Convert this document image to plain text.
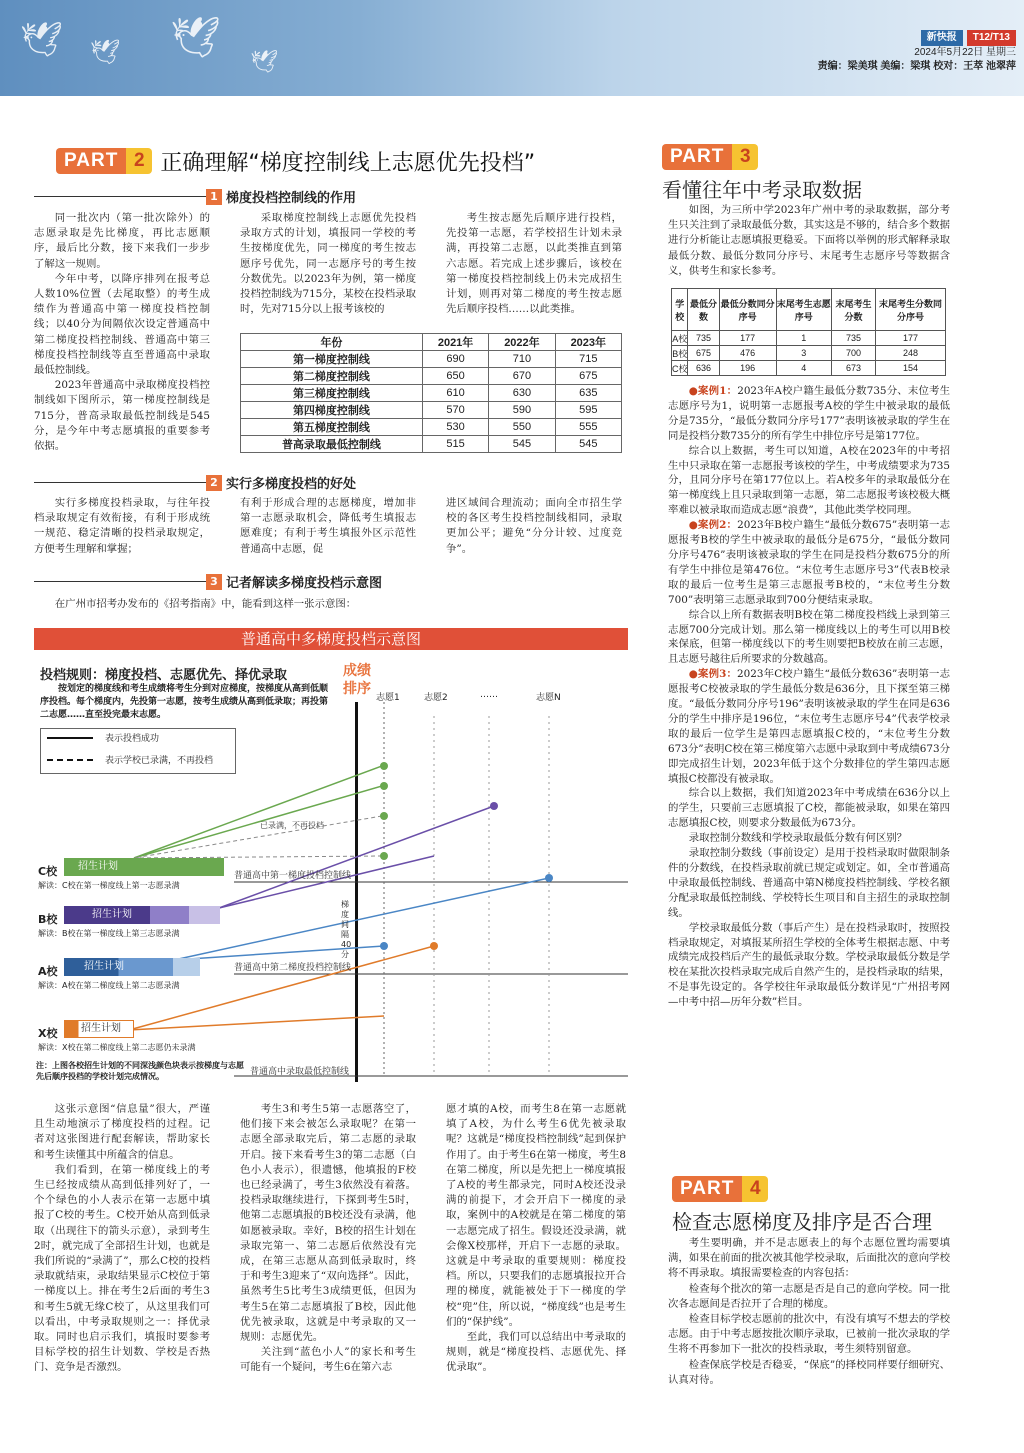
🕊 🕊 🕊
🕊
新快报 T12/T13
2024年5月22日 星期三
责编：梁美琪 美编：梁琪 校对：王萃 池翠萍
PART 2 正确理解“梯度控制线上志愿优先投档”
1 梯度投档控制线的作用

同一批次内（第一批次除外）的志愿录取是先比梯度，再比志愿顺序，最后比分数，接下来我们一步步了解这一规则。

今年中考，以降序排列在报考总人数10%位置（去尾取整）的考生成绩作为普通高中第一梯度投档控制线；以40分为间隔依次设定普通高中第二梯度投档控制线、普通高中第三梯度投档控制线等直至普通高中录取最低控制线。

2023年普通高中录取梯度投档控制线如下图所示，第一梯度控制线是715分，普高录取最低控制线是545分，是今年中考志愿填报的重要参考依据。

采取梯度控制线上志愿优先投档录取方式的计划，填报同一学校的考生按梯度优先，同一梯度的考生按志愿序号优先，同一志愿序号的考生按分数优先。以2023年为例，第一梯度投档控制线为715分，某校在投档录取时，先对715分以上报考该校的

考生按志愿先后顺序进行投档，先投第一志愿，若学校招生计划未录满，再投第二志愿，以此类推直到第六志愿。若完成上述步骤后，该校在第一梯度投档控制线上仍未完成招生计划，则再对第二梯度的考生按志愿先后顺序投档……以此类推。

年份	2021年	2022年	2023年
第一梯度控制线	690	710	715
第二梯度控制线	650	670	675
第三梯度控制线	610	630	635
第四梯度控制线	570	590	595
第五梯度控制线	530	550	555
普高录取最低控制线	515	545	545
2 实行多梯度投档的好处

实行多梯度投档录取，与往年投档录取规定有效衔接，有利于形成统一规范、稳定清晰的投档录取规定，方便考生理解和掌握；

有利于形成合理的志愿梯度，增加非第一志愿录取机会，降低考生填报志愿难度；有利于考生填报外区示范性普通高中志愿，促

进区域间合理流动；面向全市招生学校的各区考生投档控制线相同，录取更加公平；避免“分分计较、过度竞争”。

3 记者解读多梯度投档示意图

在广州市招考办发布的《招考指南》中，能看到这样一张示意图：

普通高中多梯度投档示意图
投档规则：梯度投档、志愿优先、择优录取
按划定的梯度线和考生成绩将考生分到对应梯度，按梯度从高到低顺序投档。每个梯度内，先投第一志愿，按考生成绩从高到低录取；再投第二志愿……直至投完最末志愿。
表示投档成功
表示学校已录满，不再投档
成绩排序
志愿1	志愿2	……	志愿N
普通高中第一梯度投档控制线
普通高中第二梯度投档控制线
普通高中录取最低控制线
已录满，不再投档
梯度间隔40分
C校	招生计划
解读：C校在第一梯度线上第一志愿录满
B校	招生计划
解读：B校在第一梯度线上第三志愿录满
A校	招生计划
解读：A校在第二梯度线上第二志愿录满
X校	招生计划
解读：X校在第二梯度线上第二志愿仍未录满
注：上图各校招生计划的不同深浅颜色块表示按梯度与志愿先后顺序投档的学校计划完成情况。

这张示意图“信息量”很大，严谨且生动地演示了梯度投档的过程。记者对这张图进行配套解读，帮助家长和考生读懂其中所蕴含的信息。

我们看到，在第一梯度线上的考生已经按成绩从高到低排列好了，一个个绿色的小人表示在第一志愿中填报了C校的考生。C校开始从高到低录取（出现往下的箭头示意），录到考生2时，就完成了全部招生计划，也就是我们所说的“录满了”，那么C校的投档录取就结束，录取结果显示C校位于第一梯度以上。排在考生2后面的考生3和考生5就无缘C校了，从这里我们可以看出，中考录取规则之一：择优录取。同时也启示我们，填报时要参考目标学校的招生计划数、学校是否热门、竞争是否激烈。

考生3和考生5第一志愿落空了，他们接下来会被怎么录取呢？在第一志愿全部录取完后，第二志愿的录取开启。接下来看考生3的第二志愿（白色小人表示），很遗憾，他填报的F校也已经录满了，考生3依然没有着落。投档录取继续进行，下探到考生5时，他第二志愿填报的B校还没有录满，他如愿被录取。幸好，B校的招生计划在录取完第一、第二志愿后依然没有完成，在第三志愿从高到低录取时，终于和考生3迎来了“双向选择”。因此，虽然考生5比考生3成绩更低，但因为考生5在第二志愿填报了B校，因此他优先被录取，这就是中考录取的又一规则：志愿优先。

关注到“蓝色小人”的家长和考生可能有一个疑问，考生6在第六志

愿才填的A校，而考生8在第一志愿就填了A校，为什么考生6优先被录取呢？这就是“梯度投档控制线”起到保护作用了。由于考生6在第一梯度，考生8在第二梯度，所以是先把上一梯度填报了A校的考生都录完，同时A校还没录满的前提下，才会开启下一梯度的录取，案例中的A校就是在第二梯度的第一志愿完成了招生。假设还没录满，就会像X校那样，开启下一志愿的录取。这就是中考录取的重要规则：梯度投档。所以，只要我们的志愿填报拉开合理的梯度，就能被处于下一梯度的学校“兜”住，所以说，“梯度线”也是考生们的“保护线”。

至此，我们可以总结出中考录取的规则，就是“梯度投档、志愿优先、择优录取”。

PART 3
看懂往年中考录取数据

如图，为三所中学2023年广州中考的录取数据，部分考生只关注到了录取最低分数，其实这是不够的，结合多个数据进行分析能让志愿填报更稳妥。下面将以举例的形式解释录取最低分数、最低分数同分序号、末尾考生志愿序号等数据含义，供考生和家长参考。

学校	最低分数	最低分数同分序号	末尾考生志愿序号	末尾考生分数	末尾考生分数同分序号
A校	735	177	1	735	177
B校	675	476	3	700	248
C校	636	196	4	673	154

●案例1：2023年A校户籍生最低分数735分、末位考生志愿序号为1，说明第一志愿报考A校的学生中被录取的最低分是735分，“最低分数同分序号177”表明该被录取的学生在同是投档分数735分的所有学生中排位序号是第177位。

综合以上数据，考生可以知道，A校在2023年的中考招生中只录取在第一志愿报考该校的学生，中考成绩要求为735分，且同分序号在第177位以上。若A校多年的录取最低分在第一梯度线上且只录取到第一志愿，第二志愿报考该校极大概率难以被录取而造成志愿“浪费”，其他此类学校同理。

●案例2：2023年B校户籍生“最低分数675”表明第一志愿报考B校的学生中被录取的最低分是675分，“最低分数同分序号476”表明该被录取的学生在同是投档分数675分的所有学生中排位是第476位。“末位考生志愿序号3”代表B校录取的最后一位考生是第三志愿报考B校的，“末位考生分数700”表明第三志愿录取到700分便结束录取。

综合以上所有数据表明B校在第二梯度投档线上录到第三志愿700分完成计划。那么第一梯度线以上的考生可以用B校来保底，但第一梯度线以下的考生则要把B校放在前三志愿，且志愿号越往后所要求的分数越高。

●案例3：2023年C校户籍生“最低分数636”表明第一志愿报考C校被录取的学生最低分数是636分，且下探至第三梯度。“最低分数同分序号196”表明该被录取的学生在同是636分的学生中排序是196位，“末位考生志愿序号4”代表学校录取的最后一位学生是第四志愿填报C校的，“末位考生分数673分”表明C校在第三梯度第六志愿中录取到中考成绩673分即完成招生计划，2023年低于这个分数排位的学生第四志愿填报C校都没有被录取。

综合以上数据，我们知道2023年中考成绩在636分以上的学生，只要前三志愿填报了C校，都能被录取，如果在第四志愿填报C校，则要求分数最低为673分。

录取控制分数线和学校录取最低分数有何区别？

录取控制分数线（事前设定）是用于投档录取时做限制条件的分数线，在投档录取前就已规定或划定。如，全市普通高中录取最低控制线、普通高中第N梯度投档控制线、学校名额分配录取最低控制线、学校特长生项目和自主招生的录取控制线。

学校录取最低分数（事后产生）是在投档录取时，按照投档录取规定，对填报某所招生学校的全体考生根据志愿、中考成绩完成投档后产生的最低录取分数。学校录取最低分数是学校在某批次投档录取完成后自然产生的，是投档录取的结果，不是事先设定的。各学校往年录取最低分数详见“广州招考网—中考中招—历年分数”栏目。

PART 4
检查志愿梯度及排序是否合理

考生要明确，并不是志愿表上的每个志愿位置均需要填满，如果在前面的批次被其他学校录取，后面批次的意向学校将不再录取。填报需要检查的内容包括：

检查每个批次的第一志愿是否是自己的意向学校。同一批次各志愿间是否拉开了合理的梯度。

检查目标学校志愿前的批次中，有没有填写不想去的学校志愿。由于中考志愿按批次顺序录取，已被前一批次录取的学生将不再参加下一批次的投档录取，考生须特别留意。

检查保底学校是否稳妥，“保底”的择校同样要仔细研究、认真对待。
